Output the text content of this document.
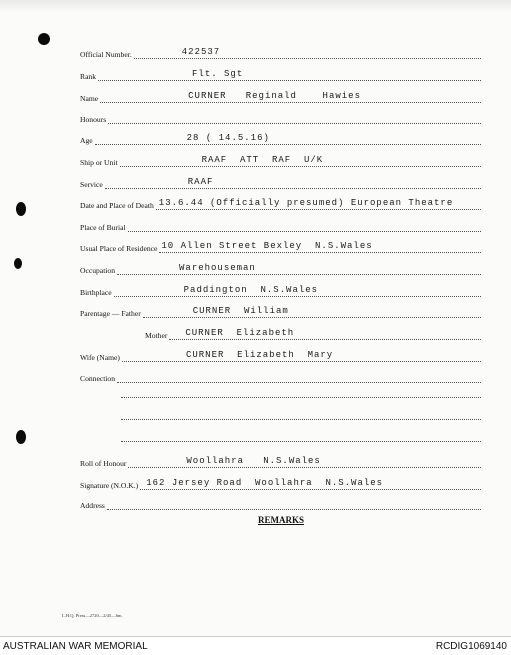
Official Number.	422537
Rank	Flt. Sgt
Name	CURNER   Reginald    Hawies
Honours
Age	28 ( 14.5.16)
Ship or Unit	RAAF  ATT  RAF  U/K
Service	RAAF
Date and Place of Death 13.6.44 (Officially presumed) European Theatre
Place of Burial
Usual Place of Residence 10 Allen Street Bexley  N.S.Wales
Occupation	Warehouseman
Birthplace	Paddington  N.S.Wales
Parentage — Father	CURNER  William
Mother CURNER  Elizabeth
Wife (Name)	CURNER  Elizabeth  Mary
Connection
Roll of Honour	Woollahra   N.S.Wales
Signature (N.O.K.) 162 Jersey Road  Woollahra  N.S.Wales
Address
REMARKS
L.H.Q. Press—2720—2/45—6m.
AUSTRALIAN WAR MEMORIAL	RCDIG1069140
